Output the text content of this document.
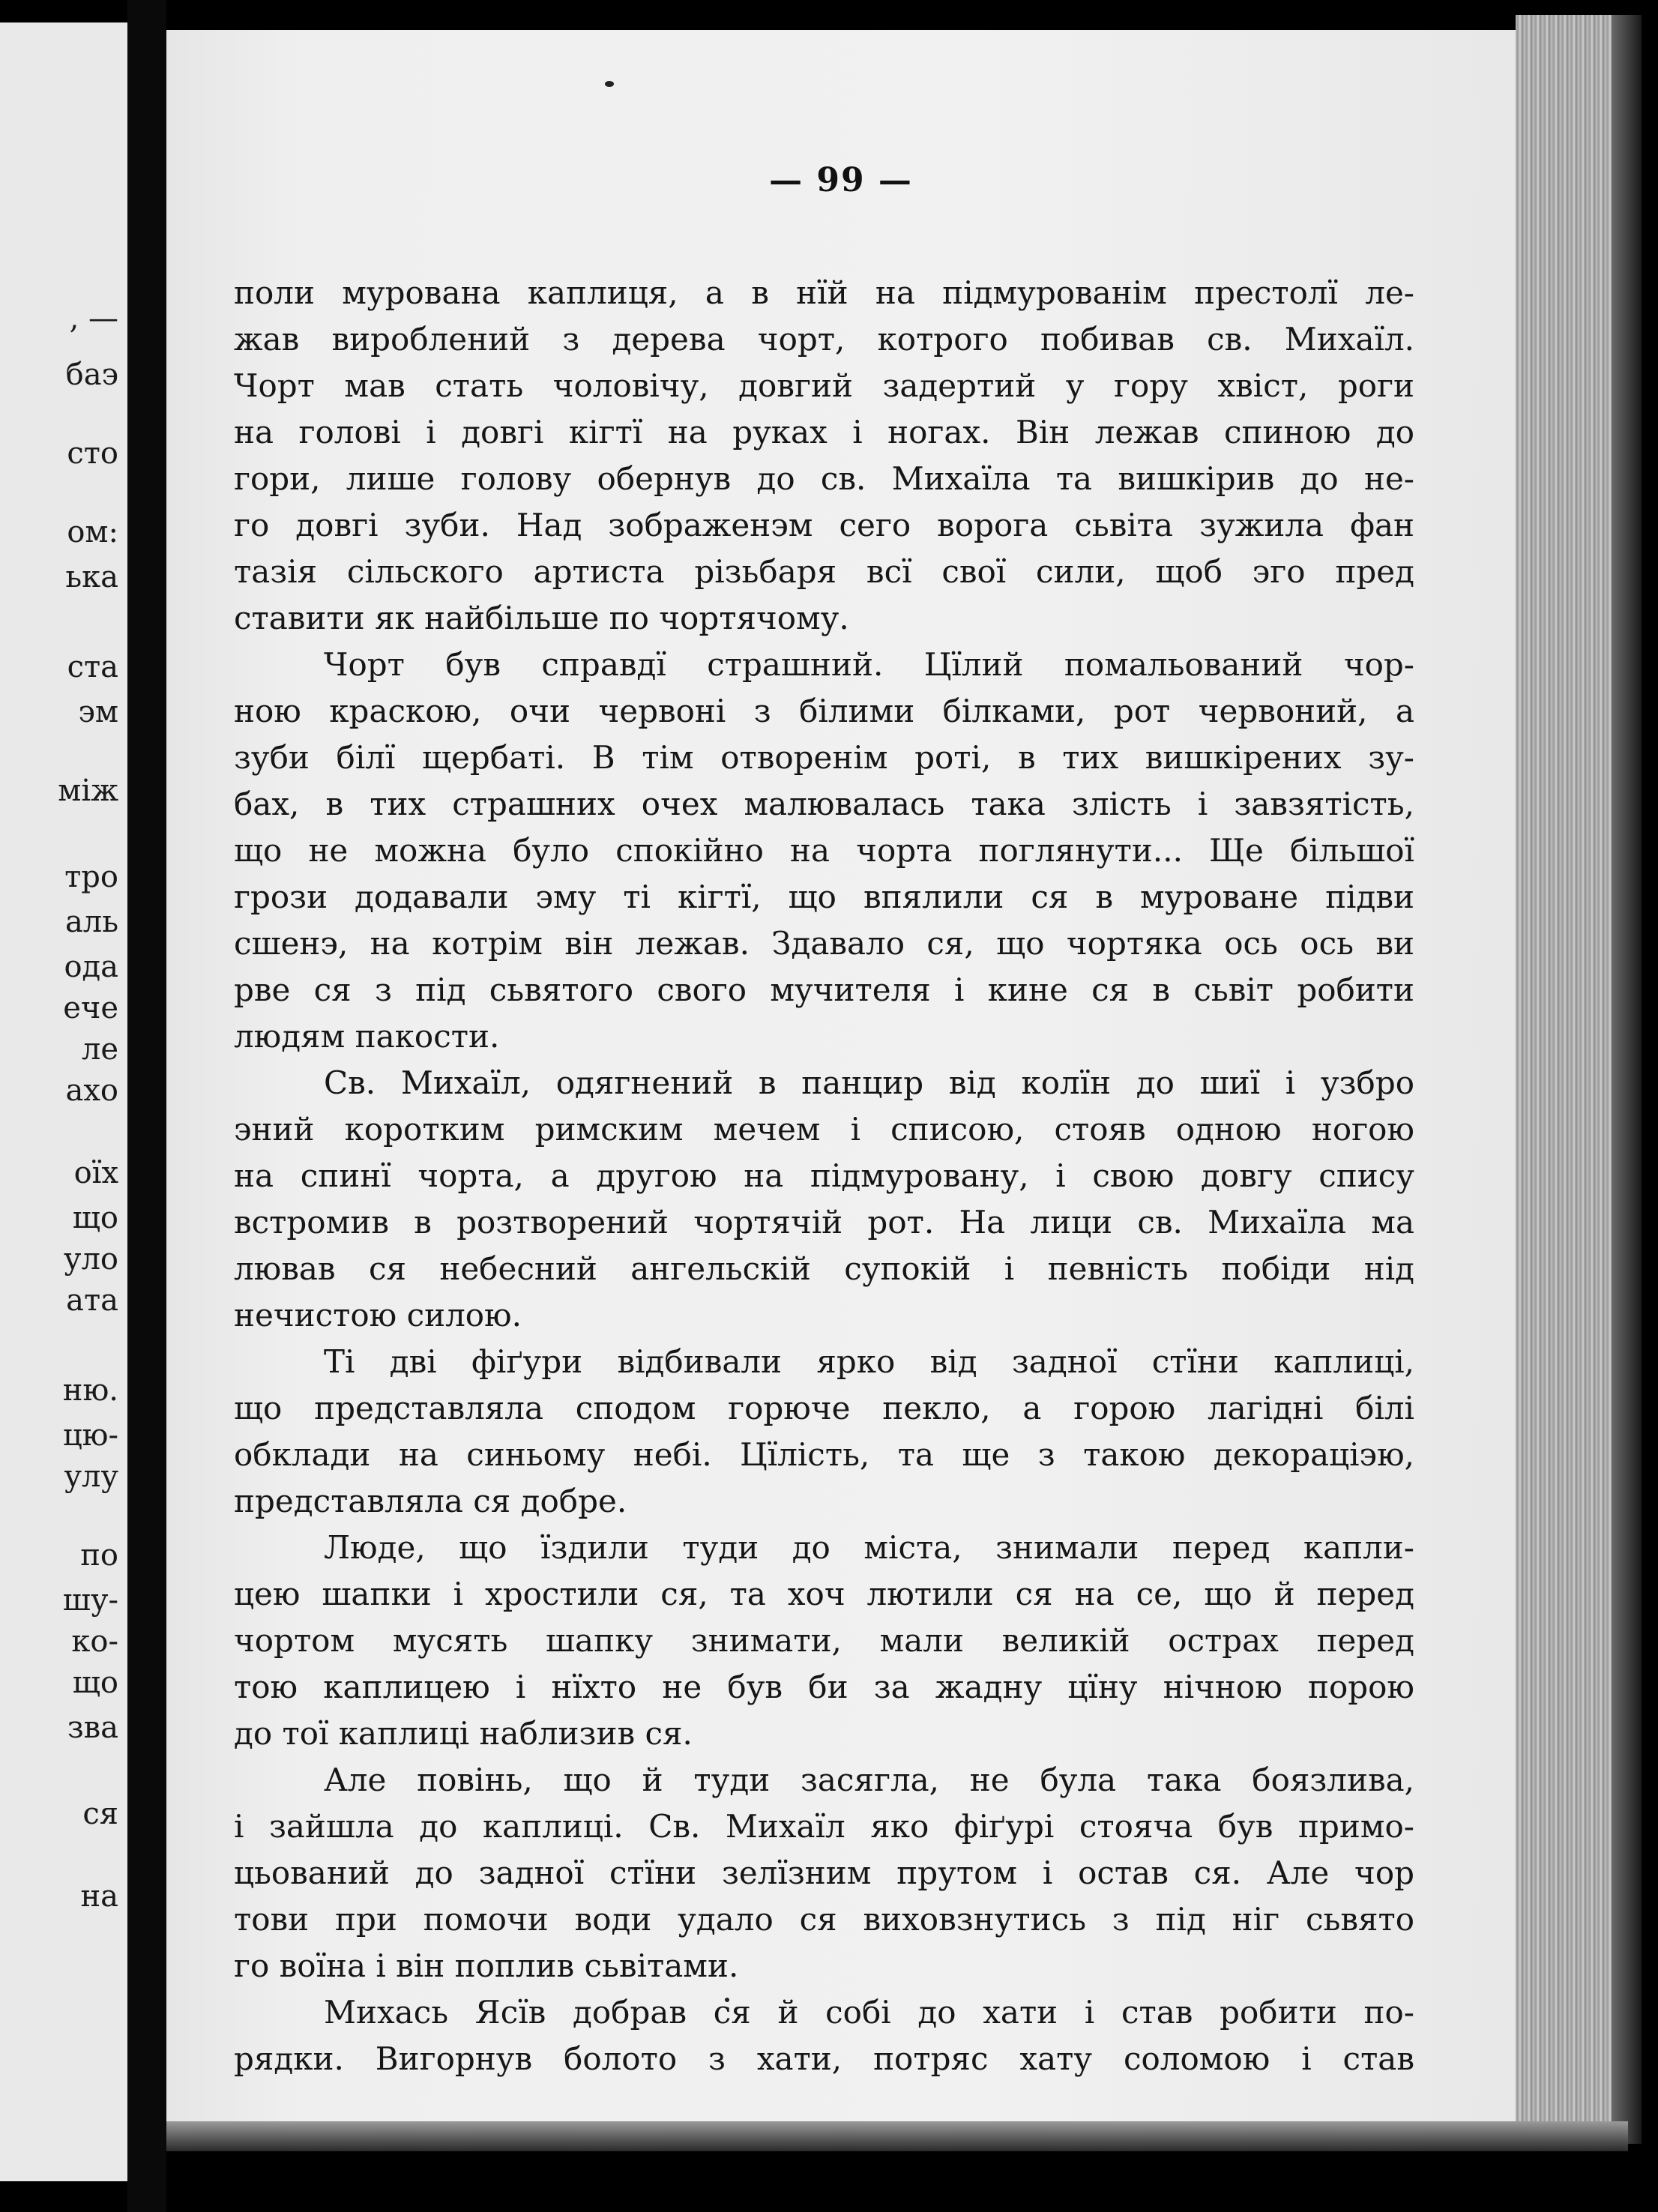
, —
баэ
сто
ом:
ька
ста
эм
між
тро
аль
ода
ече
ле
ахо
оїх
що
уло
ата
ню.
цю-
улу
по
шу-
ко-
що
зва
ся
на
— 99 —
поли мурована каплиця, а в нїй на підмурованім престолї ле-
жав вироблений з дерева чорт, котрого побивав св. Михаїл.
Чорт мав стать чоловічу, довгий задертий у гору хвіст, роги
на голові і довгі кігтї на руках і ногах. Він лежав спиною до
гори, лише голову обернув до св. Михаїла та вишкірив до не-
го довгі зуби. Над зображенэм сего ворога сьвіта зужила фан
тазія сільского артиста різьбаря всї свої сили, щоб эго пред
ставити як найбільше по чортячому.
Чорт був справдї страшний. Цїлий помальований чор-
ною краскою, очи червоні з білими білками, рот червоний, а
зуби білї щербаті. В тім отворенім роті, в тих вишкірених зу-
бах, в тих страшних очех малювалась така злість і завзятість,
що не можна було спокійно на чорта поглянути... Ще більшої
грози додавали эму ті кігтї, що впялили ся в муроване підви
сшенэ, на котрім він лежав. Здавало ся, що чортяка ось ось ви
рве ся з під сьвятого свого мучителя і кине ся в сьвіт робити
людям пакости.
Св. Михаїл, одягнений в панцир від колїн до шиї і узбро
эний коротким римским мечем і списою, стояв одною ногою
на спинї чорта, а другою на підмуровану, і свою довгу спису
встромив в розтворений чортячій рот. На лици св. Михаїла ма
лював ся небесний ангельскій супокій і певність побіди нід
нечистою силою.
Ті дві фіґури відбивали ярко від задної стїни каплиці,
що представляла сподом горюче пекло, а горою лагідні білі
обклади на синьому небі. Цїлість, та ще з такою декораціэю,
представляла ся добре.
Люде, що їздили туди до міста, знимали перед капли-
цею шапки і хростили ся, та хоч лютили ся на се, що й перед
чортом мусять шапку знимати, мали великій острах перед
тою каплицею і нїхто не був би за жадну цїну нічною порою
до тої каплиці наблизив ся.
Але повінь, що й туди засягла, не була така боязлива,
і зайшла до каплиці. Св. Михаїл яко фіґурі стояча був примо-
цьований до задної стїни зелїзним прутом і остав ся. Але чор
тови при помочи води удало ся виховзнутись з під ніг сьвято
го воїна і він поплив сьвітами.
Михась Ясїв добрав ся й собі до хати і став робити по-
рядки. Вигорнув болото з хати, потряс хату соломою і став
